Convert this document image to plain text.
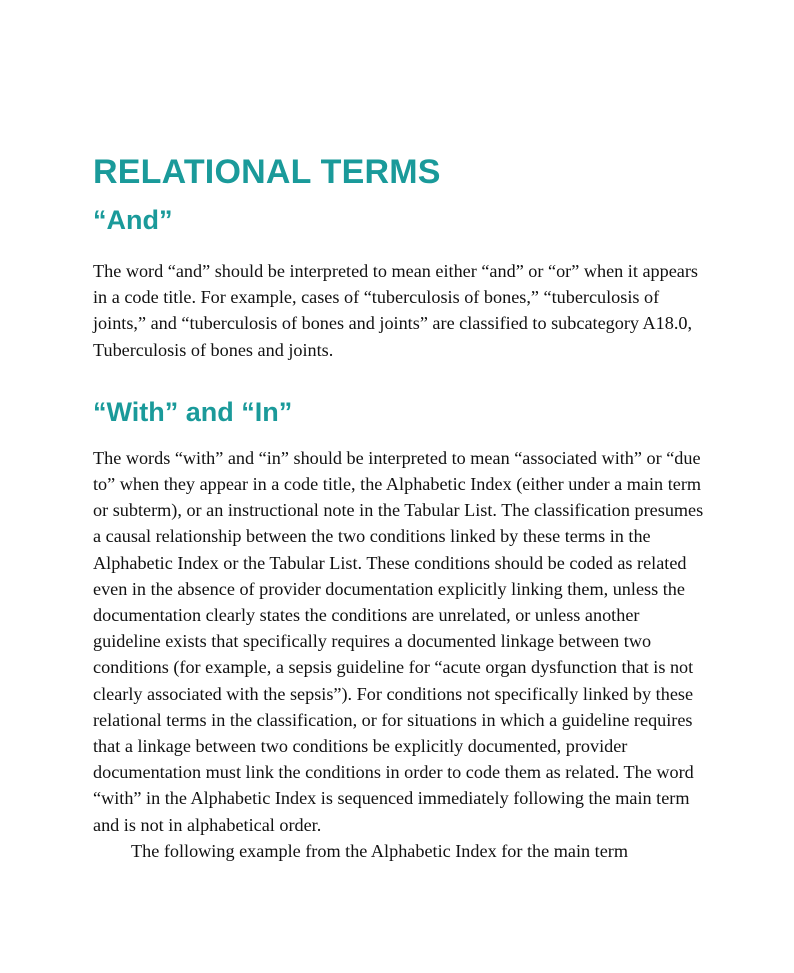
RELATIONAL TERMS
“And”

The word “and” should be interpreted to mean either “and” or “or” when it appears in a code title. For example, cases of “tuberculosis of bones,” “tuberculosis of joints,” and “tuberculosis of bones and joints” are classified to subcategory A18.0, Tuberculosis of bones and joints.

“With” and “In”

The words “with” and “in” should be interpreted to mean “associated with” or “due to” when they appear in a code title, the Alphabetic Index (either under a main term or subterm), or an instructional note in the Tabular List. The classification presumes a causal relationship between the two conditions linked by these terms in the Alphabetic Index or the Tabular List. These conditions should be coded as related even in the absence of provider documentation explicitly linking them, unless the documentation clearly states the conditions are unrelated, or unless another guideline exists that specifically requires a documented linkage between two conditions (for example, a sepsis guideline for “acute organ dysfunction that is not clearly associated with the sepsis”). For conditions not specifically linked by these relational terms in the classification, or for situations in which a guideline requires that a linkage between two conditions be explicitly documented, provider documentation must link the conditions in order to code them as related. The word “with” in the Alphabetic Index is sequenced immediately following the main term and is not in alphabetical order.

The following example from the Alphabetic Index for the main term
